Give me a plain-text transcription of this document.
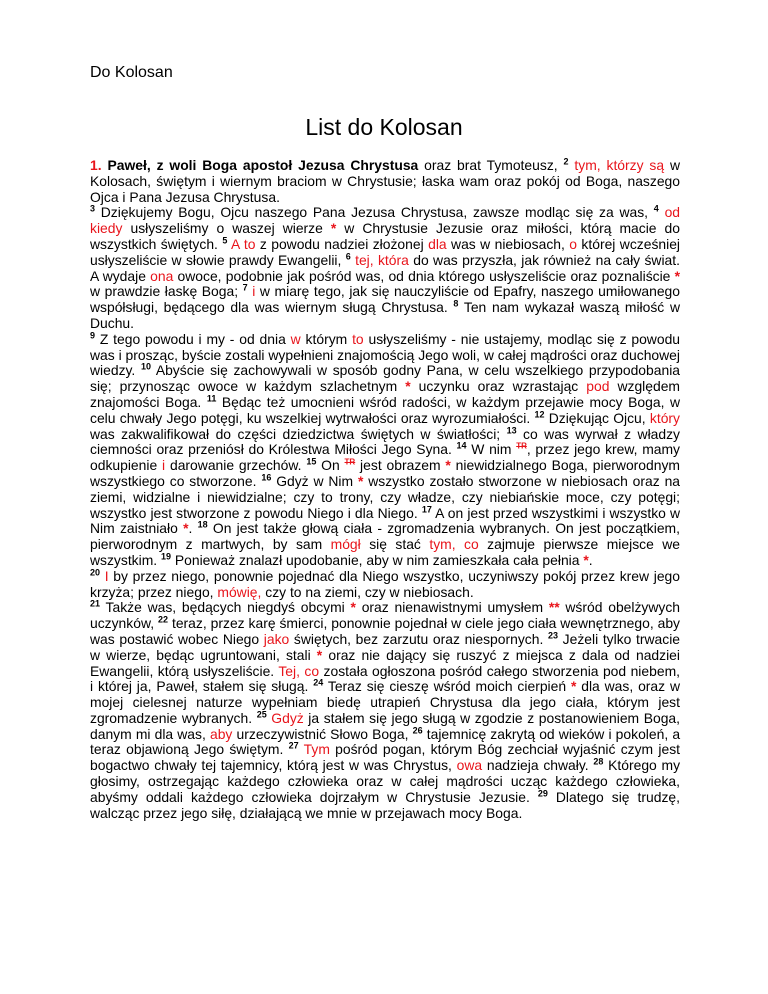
Do Kolosan
List do Kolosan

1. Paweł, z woli Boga apostoł Jezusa Chrystusa oraz brat Tymoteusz, $^2$ tym, którzy są w Kolosach, świętym i wiernym braciom w Chrystusie; łaska wam oraz pokój od Boga, naszego Ojca i Pana Jezusa Chrystusa.
$^3$ Dziękujemy Bogu, Ojcu naszego Pana Jezusa Chrystusa, zawsze modląc się za was, $^4$ od kiedy usłyszeliśmy o waszej wierze * w Chrystusie Jezusie oraz miłości, którą macie do wszystkich świętych. $^5$ A to z powodu nadziei złożonej dla was w niebiosach, o której wcześniej usłyszeliście w słowie prawdy Ewangelii, $^6$ tej, która do was przyszła, jak również na cały świat. A wydaje ona owoce, podobnie jak pośród was, od dnia którego usłyszeliście oraz poznaliście * w prawdzie łaskę Boga; $^7$ i w miarę tego, jak się nauczyliście od Epafry, naszego umiłowanego współsługi, będącego dla was wiernym sługą Chrystusa. $^8$ Ten nam wykazał waszą miłość w Duchu.
$^9$ Z tego powodu i my - od dnia w którym to usłyszeliśmy - nie ustajemy, modląc się z powodu was i prosząc, byście zostali wypełnieni znajomością Jego woli, w całej mądrości oraz duchowej wiedzy. $^{10}$ Abyście się zachowywali w sposób godny Pana, w celu wszelkiego przypodobania się; przynosząc owoce w każdym szlachetnym * uczynku oraz wzrastając pod względem znajomości Boga. $^{11}$ Będąc też umocnieni wśród radości, w każdym przejawie mocy Boga, w celu chwały Jego potęgi, ku wszelkiej wytrwałości oraz wyrozumiałości. $^{12}$ Dziękując Ojcu, który was zakwalifikował do części dziedzictwa świętych w światłości; $^{13}$ co was wyrwał z władzy ciemności oraz przeniósł do Królestwa Miłości Jego Syna. $^{14}$ W nim $^{TR}$, przez jego krew, mamy odkupienie i darowanie grzechów. $^{15}$ On $^{TR}$ jest obrazem * niewidzialnego Boga, pierworodnym wszystkiego co stworzone. $^{16}$ Gdyż w Nim * wszystko zostało stworzone w niebiosach oraz na ziemi, widzialne i niewidzialne; czy to trony, czy władze, czy niebiańskie moce, czy potęgi; wszystko jest stworzone z powodu Niego i dla Niego. $^{17}$ A on jest przed wszystkimi i wszystko w Nim zaistniało *. $^{18}$ On jest także głową ciała - zgromadzenia wybranych. On jest początkiem, pierworodnym z martwych, by sam mógł się stać tym, co zajmuje pierwsze miejsce we wszystkim. $^{19}$ Ponieważ znalazł upodobanie, aby w nim zamieszkała cała pełnia *.
$^{20}$ I by przez niego, ponownie pojednać dla Niego wszystko, uczyniwszy pokój przez krew jego krzyża; przez niego, mówię, czy to na ziemi, czy w niebiosach.
$^{21}$ Także was, będących niegdyś obcymi * oraz nienawistnymi umysłem ** wśród obelżywych uczynków, $^{22}$ teraz, przez karę śmierci, ponownie pojednał w ciele jego ciała wewnętrznego, aby was postawić wobec Niego jako świętych, bez zarzutu oraz niespornych. $^{23}$ Jeżeli tylko trwacie w wierze, będąc ugruntowani, stali * oraz nie dający się ruszyć z miejsca z dala od nadziei Ewangelii, którą usłyszeliście. Tej, co została ogłoszona pośród całego stworzenia pod niebem, i której ja, Paweł, stałem się sługą. $^{24}$ Teraz się cieszę wśród moich cierpień * dla was, oraz w mojej cielesnej naturze wypełniam biedę utrapień Chrystusa dla jego ciała, którym jest zgromadzenie wybranych. $^{25}$ Gdyż ja stałem się jego sługą w zgodzie z postanowieniem Boga, danym mi dla was, aby urzeczywistnić Słowo Boga, $^{26}$ tajemnicę zakrytą od wieków i pokoleń, a teraz objawioną Jego świętym. $^{27}$ Tym pośród pogan, którym Bóg zechciał wyjaśnić czym jest bogactwo chwały tej tajemnicy, którą jest w was Chrystus, owa nadzieja chwały. $^{28}$ Którego my głosimy, ostrzegając każdego człowieka oraz w całej mądrości ucząc każdego człowieka, abyśmy oddali każdego człowieka dojrzałym w Chrystusie Jezusie. $^{29}$ Dlatego się trudzę, walcząc przez jego siłę, działającą we mnie w przejawach mocy Boga.
